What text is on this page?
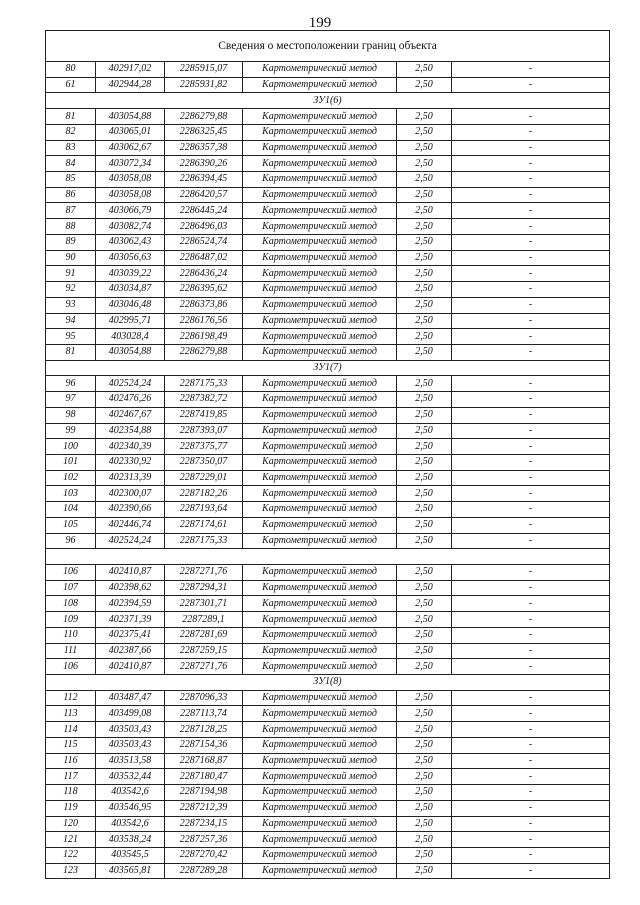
199
Сведения о местоположении границ объекта					
80	402917,02	2285915,07	Картометрический метод	2,50	-
61	402944,28	2285931,82	Картометрический метод	2,50	-
ЗУ1(6)					
81	403054,88	2286279,88	Картометрический метод	2,50	-
82	403065,01	2286325,45	Картометрический метод	2,50	-
83	403062,67	2286357,38	Картометрический метод	2,50	-
84	403072,34	2286390,26	Картометрический метод	2,50	-
85	403058,08	2286394,45	Картометрический метод	2,50	-
86	403058,08	2286420,57	Картометрический метод	2,50	-
87	403066,79	2286445,24	Картометрический метод	2,50	-
88	403082,74	2286496,03	Картометрический метод	2,50	-
89	403062,43	2286524,74	Картометрический метод	2,50	-
90	403056,63	2286487,02	Картометрический метод	2,50	-
91	403039,22	2286436,24	Картометрический метод	2,50	-
92	403034,87	2286395,62	Картометрический метод	2,50	-
93	403046,48	2286373,86	Картометрический метод	2,50	-
94	402995,71	2286176,56	Картометрический метод	2,50	-
95	403028,4	2286198,49	Картометрический метод	2,50	-
81	403054,88	2286279,88	Картометрический метод	2,50	-
ЗУ1(7)					
96	402524,24	2287175,33	Картометрический метод	2,50	-
97	402476,26	2287382,72	Картометрический метод	2,50	-
98	402467,67	2287419,85	Картометрический метод	2,50	-
99	402354,88	2287393,07	Картометрический метод	2,50	-
100	402340,39	2287375,77	Картометрический метод	2,50	-
101	402330,92	2287350,07	Картометрический метод	2,50	-
102	402313,39	2287229,01	Картометрический метод	2,50	-
103	402300,07	2287182,26	Картометрический метод	2,50	-
104	402390,66	2287193,64	Картометрический метод	2,50	-
105	402446,74	2287174,61	Картометрический метод	2,50	-
96	402524,24	2287175,33	Картометрический метод	2,50	-

106	402410,87	2287271,76	Картометрический метод	2,50	-
107	402398,62	2287294,31	Картометрический метод	2,50	-
108	402394,59	2287301,71	Картометрический метод	2,50	-
109	402371,39	2287289,1	Картометрический метод	2,50	-
110	402375,41	2287281,69	Картометрический метод	2,50	-
111	402387,66	2287259,15	Картометрический метод	2,50	-
106	402410,87	2287271,76	Картометрический метод	2,50	-
ЗУ1(8)					
112	403487,47	2287096,33	Картометрический метод	2,50	-
113	403499,08	2287113,74	Картометрический метод	2,50	-
114	403503,43	2287128,25	Картометрический метод	2,50	-
115	403503,43	2287154,36	Картометрический метод	2,50	-
116	403513,58	2287168,87	Картометрический метод	2,50	-
117	403532,44	2287180,47	Картометрический метод	2,50	-
118	403542,6	2287194,98	Картометрический метод	2,50	-
119	403546,95	2287212,39	Картометрический метод	2,50	-
120	403542,6	2287234,15	Картометрический метод	2,50	-
121	403538,24	2287257,36	Картометрический метод	2,50	-
122	403545,5	2287270,42	Картометрический метод	2,50	-
123	403565,81	2287289,28	Картометрический метод	2,50	-
